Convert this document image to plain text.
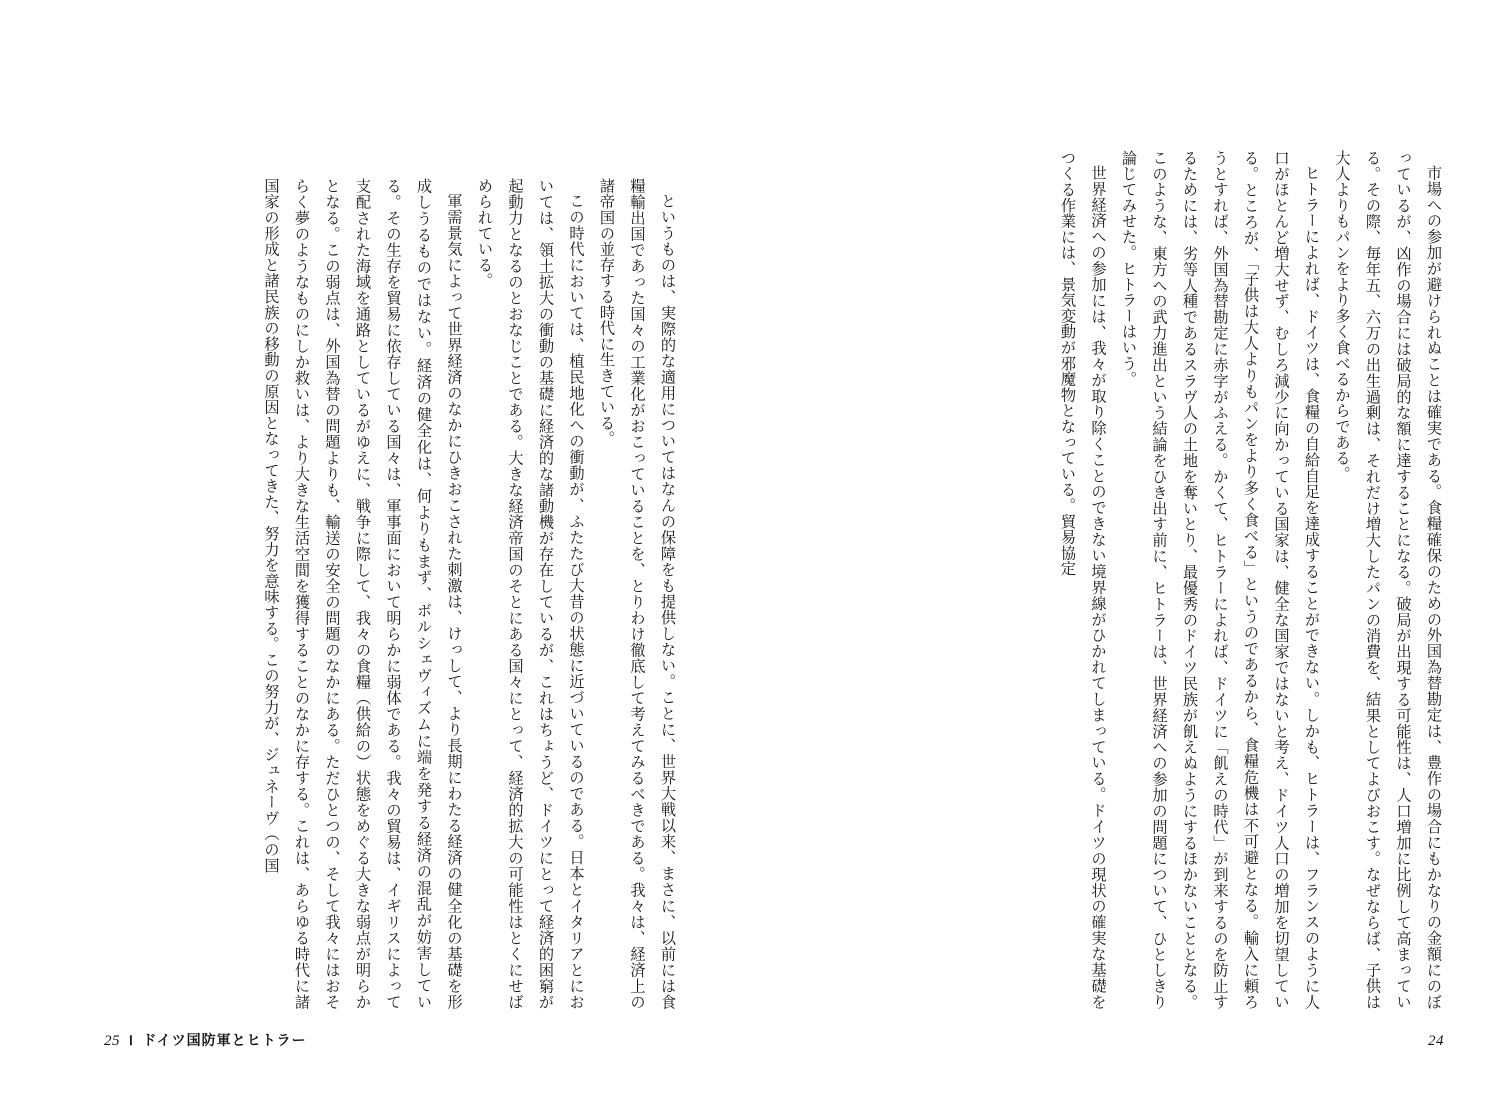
市場への参加が避けられぬことは確実である。食糧確保のための外国為替勘定は、豊作の場合にもかなりの金額にのぼっているが、凶作の場合には破局的な額に達することになる。破局が出現する可能性は、人口増加に比例して高まっている。その際、毎年五、六万の出生過剰は、それだけ増大したパンの消費を、結果としてよびおこす。なぜならば、子供は大人よりもパンをより多く食べるからである。

ヒトラーによれば、ドイツは、食糧の自給自足を達成することができない。しかも、ヒトラーは、フランスのように人口がほとんど増大せず、むしろ減少に向かっている国家は、健全な国家ではないと考え、ドイツ人口の増加を切望している。ところが、「子供は大人よりもパンをより多く食べる」というのであるから、食糧危機は不可避となる。輸入に頼ろうとすれば、外国為替勘定に赤字がふえる。かくて、ヒトラーによれば、ドイツに「飢えの時代」が到来するのを防止するためには、劣等人種であるスラヴ人の土地を奪いとり、最優秀のドイツ民族が飢えぬようにするほかないこととなる。このような、東方への武力進出という結論をひき出す前に、ヒトラーは、世界経済への参加の問題について、ひとしきり論じてみせた。ヒトラーはいう。

世界経済への参加には、我々が取り除くことのできない境界線がひかれてしまっている。ドイツの現状の確実な基礎をつくる作業には、景気変動が邪魔物となっている。貿易協定

24

というものは、実際的な適用についてはなんの保障をも提供しない。ことに、世界大戦以来、まさに、以前には食糧輸出国であった国々の工業化がおこっていることを、とりわけ徹底して考えてみるべきである。我々は、経済上の諸帝国の並存する時代に生きている。

この時代においては、植民地化への衝動が、ふたたび大昔の状態に近づいているのである。日本とイタリアとにおいては、領土拡大の衝動の基礎に経済的な諸動機が存在しているが、これはちょうど、ドイツにとって経済的困窮が起動力となるのとおなじことである。大きな経済帝国のそとにある国々にとって、経済的拡大の可能性はとくにせばめられている。

軍需景気によって世界経済のなかにひきおこされた刺激は、けっして、より長期にわたる経済の健全化の基礎を形成しうるものではない。経済の健全化は、何よりもまず、ボルシェヴィズムに端を発する経済の混乱が妨害している。その生存を貿易に依存している国々は、軍事面において明らかに弱体である。我々の貿易は、イギリスによって支配された海域を通路としているがゆえに、戦争に際して、我々の食糧（供給の）状態をめぐる大きな弱点が明らかとなる。この弱点は、外国為替の問題よりも、輸送の安全の問題のなかにある。ただひとつの、そして我々にはおそらく夢のようなものにしか救いは、より大きな生活空間を獲得することのなかに存する。これは、あらゆる時代に諸国家の形成と諸民族の移動の原因となってきた、努力を意味する。この努力が、ジュネーヴ（の国

25 Ⅰ ドイツ国防軍とヒトラー
